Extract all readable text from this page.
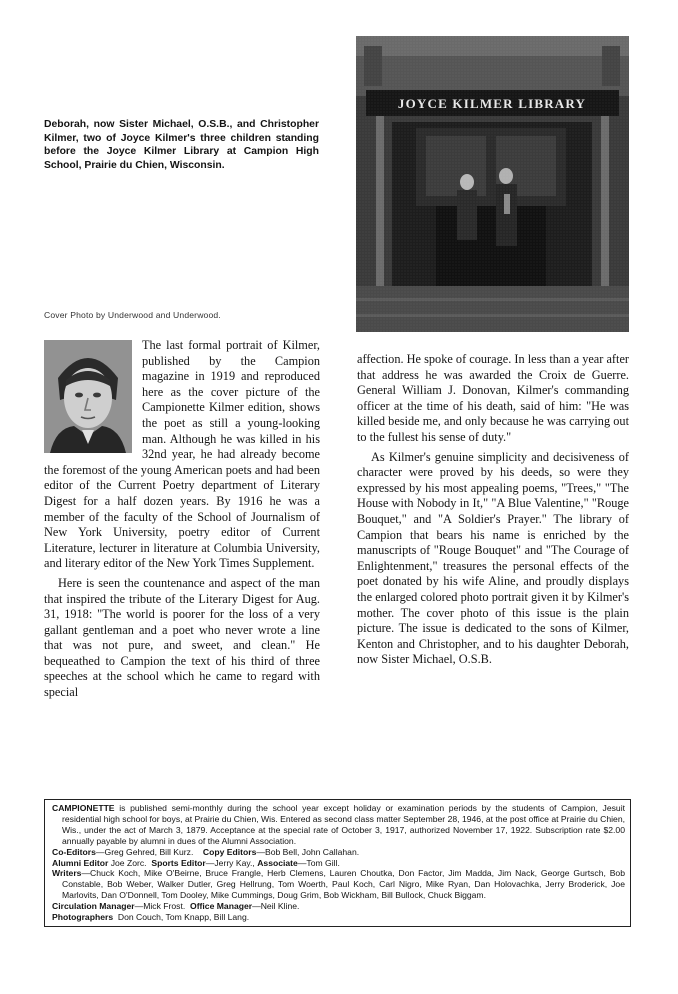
Deborah, now Sister Michael, O.S.B., and Christopher Kilmer, two of Joyce Kilmer's three children standing before the Joyce Kilmer Library at Campion High School, Prairie du Chien, Wisconsin.

Cover Photo by Underwood and Underwood.

The last formal portrait of Kilmer, published by the Campion magazine in 1919 and reproduced here as the cover picture of the Campionette Kilmer edition, shows the poet as still a young-looking man. Although he was killed in his 32nd year, he had already become the foremost of the young American poets and had been editor of the Current Poetry department of Literary Digest for a half dozen years. By 1916 he was a member of the faculty of the School of Journalism of New York University, poetry editor of Current Literature, lecturer in literature at Columbia University, and literary editor of the New York Times Supplement.

Here is seen the countenance and aspect of the man that inspired the tribute of the Literary Digest for Aug. 31, 1918: "The world is poorer for the loss of a very gallant gentleman and a poet who never wrote a line that was not pure, and sweet, and clean." He bequeathed to Campion the text of his third of three speeches at the school which he came to regard with special

affection. He spoke of courage. In less than a year after that address he was awarded the Croix de Guerre. General William J. Donovan, Kilmer's commanding officer at the time of his death, said of him: "He was killed beside me, and only because he was carrying out to the fullest his sense of duty."

As Kilmer's genuine simplicity and decisiveness of character were proved by his deeds, so were they expressed by his most appealing poems, "Trees," "The House with Nobody in It," "A Blue Valentine," "Rouge Bouquet," and "A Soldier's Prayer." The library of Campion that bears his name is enriched by the manuscripts of "Rouge Bouquet" and "The Courage of Enlightenment," treasures the personal effects of the poet donated by his wife Aline, and proudly displays the enlarged colored photo portrait given it by Kilmer's mother. The cover photo of this issue is the plain picture. The issue is dedicated to the sons of Kilmer, Kenton and Christopher, and to his daughter Deborah, now Sister Michael, O.S.B.

CAMPIONETTE is published semi-monthly during the school year except holiday or examination periods by the students of Campion, Jesuit residential high school for boys, at Prairie du Chien, Wis. Entered as second class matter September 28, 1946, at the post office at Prairie du Chien, Wis., under the act of March 3, 1879. Acceptance at the special rate of October 3, 1917, authorized November 17, 1922. Subscription rate $2.00 annually payable by alumni in dues of the Alumni Association.

Co-Editors—Greg Gehred, Bill Kurz. Copy Editors—Bob Bell, John Callahan.

Alumni Editor Joe Zorc. Sports Editor—Jerry Kay., Associate—Tom Gill.

Writers—Chuck Koch, Mike O'Beirne, Bruce Frangle, Herb Clemens, Lauren Choutka, Don Factor, Jim Madda, Jim Nack, George Gurtsch, Bob Constable, Bob Weber, Walker Dutler, Greg Hellrung, Tom Woerth, Paul Koch, Carl Nigro, Mike Ryan, Dan Holovachka, Jerry Broderick, Joe Marlovits, Dan O'Donnell, Tom Dooley, Mike Cummings, Doug Grim, Bob Wickham, Bill Bullock, Chuck Biggam.

Circulation Manager—Mick Frost. Office Manager—Neil Kline.

Photographers Don Couch, Tom Knapp, Bill Lang.
